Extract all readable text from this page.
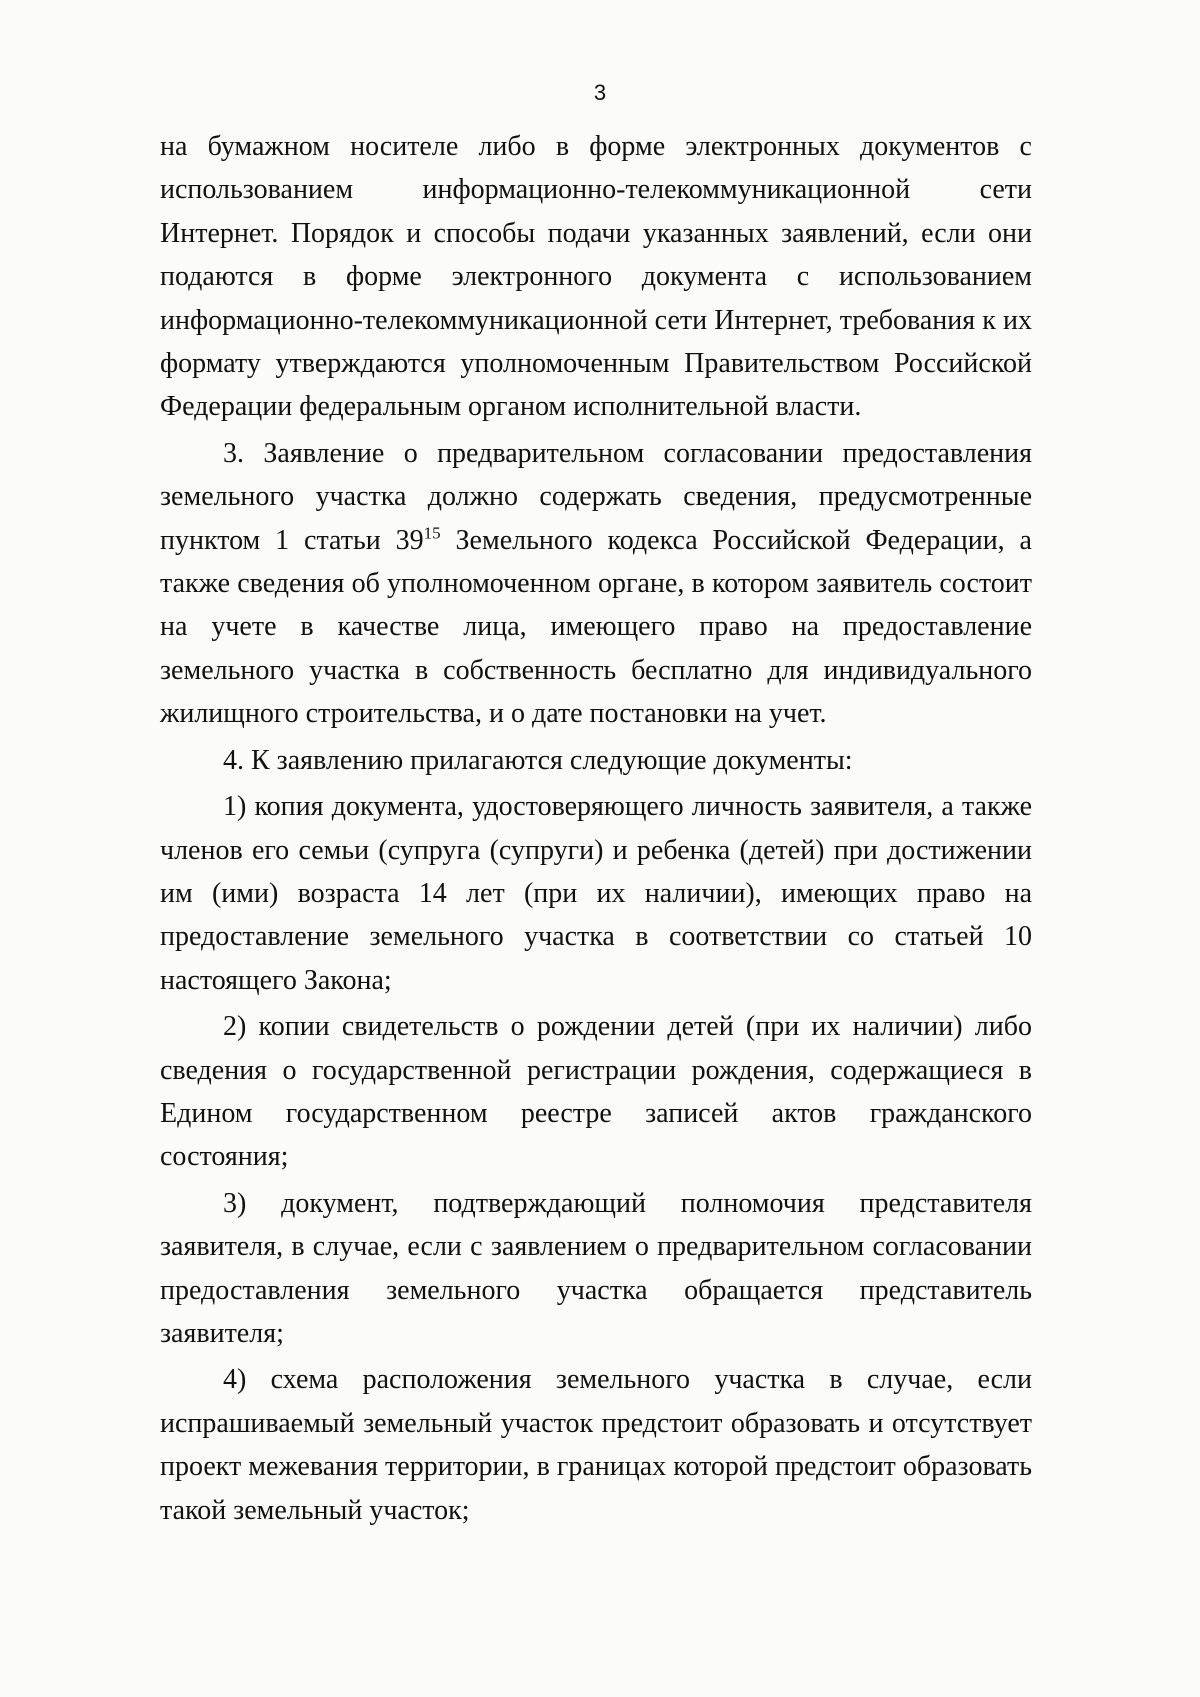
3

на бумажном носителе либо в форме электронных документов с использованием информационно-телекоммуникационной сети Интернет. Порядок и способы подачи указанных заявлений, если они подаются в форме электронного документа с использованием информационно-телекоммуникационной сети Интернет, требования к их формату утверждаются уполномоченным Правительством Российской Федерации федеральным органом исполнительной власти.

3. Заявление о предварительном согласовании предоставления земельного участка должно содержать сведения, предусмотренные пунктом 1 статьи $39^{15}$ Земельного кодекса Российской Федерации, а также сведения об уполномоченном органе, в котором заявитель состоит на учете в качестве лица, имеющего право на предоставление земельного участка в собственность бесплатно для индивидуального жилищного строительства, и о дате постановки на учет.

4. К заявлению прилагаются следующие документы:

1) копия документа, удостоверяющего личность заявителя, а также членов его семьи (супруга (супруги) и ребенка (детей) при достижении им (ими) возраста 14 лет (при их наличии), имеющих право на предоставление земельного участка в соответствии со статьей 10 настоящего Закона;

2) копии свидетельств о рождении детей (при их наличии) либо сведения о государственной регистрации рождения, содержащиеся в Едином государственном реестре записей актов гражданского состояния;

3) документ, подтверждающий полномочия представителя заявителя, в случае, если с заявлением о предварительном согласовании предоставления земельного участка обращается представитель заявителя;

4) схема расположения земельного участка в случае, если испрашиваемый земельный участок предстоит образовать и отсутствует проект межевания территории, в границах которой предстоит образовать такой земельный участок;
